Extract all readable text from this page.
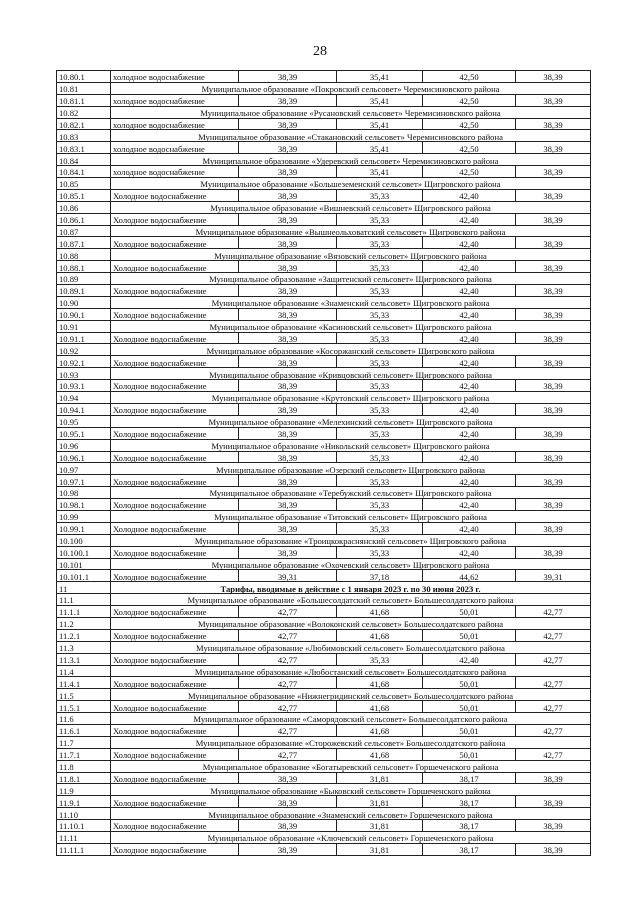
28
10.80.1	холодное водоснабжение	38,39	35,41	42,50	38,39
10.81	Муниципальное образование «Покровский сельсовет» Черемисиновского района				
10.81.1	холодное водоснабжение	38,39	35,41	42,50	38,39
10.82	Муниципальное образование «Русановский сельсовет» Черемисиновского района				
10.82.1	холодное водоснабжение	38,39	35,41	42,50	38,39
10.83	Муниципальное образование «Стакановский сельсовет» Черемисиновского района				
10.83.1	холодное водоснабжение	38,39	35,41	42,50	38,39
10.84	Муниципальное образование «Удеревский сельсовет» Черемисиновского района				
10.84.1	холодное водоснабжение	38,39	35,41	42,50	38,39
10.85	Муниципальное образование «Большеземенский сельсовет» Щигровского района				
10.85.1	Холодное водоснабжение	38,39	35,33	42,40	38,39
10.86	Муниципальное образование «Вишневский сельсовет» Щигровского района				
10.86.1	Холодное водоснабжение	38,39	35,33	42,40	38,39
10.87	Муниципальное образование «Вышнеольховатский сельсовет» Щигровского района				
10.87.1	Холодное водоснабжение	38,39	35,33	42,40	38,39
10.88	Муниципальное образование «Вязовский сельсовет» Щигровского района				
10.88.1	Холодное водоснабжение	38,39	35,33	42,40	38,39
10.89	Муниципальное образование «Защитенский сельсовет» Щигровского района				
10.89.1	Холодное водоснабжение	38,39	35,33	42,40	38,39
10.90	Муниципальное образование «Знаменский сельсовет» Щигровского района				
10.90.1	Холодное водоснабжение	38,39	35,33	42,40	38,39
10.91	Муниципальное образование «Касиновский сельсовет» Щигровского района				
10.91.1	Холодное водоснабжение	38,39	35,33	42,40	38,39
10.92	Муниципальное образование «Косоржанский сельсовет» Щигровского района				
10.92.1	Холодное водоснабжение	38,39	35,33	42,40	38,39
10.93	Муниципальное образование «Кривцовский сельсовет» Щигровского района				
10.93.1	Холодное водоснабжение	38,39	35,33	42,40	38,39
10.94	Муниципальное образование «Крутовский сельсовет» Щигровского района				
10.94.1	Холодное водоснабжение	38,39	35,33	42,40	38,39
10.95	Муниципальное образование «Мелехинский сельсовет» Щигровского района				
10.95.1	Холодное водоснабжение	38,39	35,33	42,40	38,39
10.96	Муниципальное образование «Никольский сельсовет» Щигровского района				
10.96.1	Холодное водоснабжение	38,39	35,33	42,40	38,39
10.97	Муниципальное образование «Озерский сельсовет» Щигровского района				
10.97.1	Холодное водоснабжение	38,39	35,33	42,40	38,39
10.98	Муниципальное образование «Теребужский сельсовет» Щигровского района				
10.98.1	Холодное водоснабжение	38,39	35,33	42,40	38,39
10.99	Муниципальное образование «Титовский сельсовет» Щигровского района				
10.99.1	Холодное водоснабжение	38,39	35,33	42,40	38,39
10.100	Муниципальное образование «Троицкокраснянский сельсовет» Щигровского района				
10.100.1	Холодное водоснабжение	38,39	35,33	42,40	38,39
10.101	Муниципальное образование «Охочевский сельсовет» Щигровского района				
10.101.1	Холодное водоснабжение	39,31	37,18	44,62	39,31
11	Тарифы, вводимые в действие с 1 января 2023 г. по 30 июня 2023 г.				
11.1	Муниципальное образование «Большесолдатский сельсовет» Большесолдатского района				
11.1.1	Холодное водоснабжение	42,77	41,68	50,01	42,77
11.2	Муниципальное образование «Волоконский сельсовет» Большесолдатского района				
11.2.1	Холодное водоснабжение	42,77	41,68	50,01	42,77
11.3	Муниципальное образование «Любимовский сельсовет» Большесолдатского района				
11.3.1	Холодное водоснабжение	42,77	35,33	42,40	42,77
11.4	Муниципальное образование «Любостанский сельсовет» Большесолдатского района				
11.4.1	Холодное водоснабжение	42,77	41,68	50,01	42,77
11.5	Муниципальное образование «Нижнегридинский сельсовет» Большесолдатского района				
11.5.1	Холодное водоснабжение	42,77	41,68	50,01	42,77
11.6	Муниципальное образование «Саморядовский сельсовет» Большесолдатского района				
11.6.1	Холодное водоснабжение	42,77	41,68	50,01	42,77
11.7	Муниципальное образование «Сторожевский сельсовет» Большесолдатского района				
11.7.1	Холодное водоснабжение	42,77	41,68	50,01	42,77
11.8	Муниципальное образование «Богатыревский сельсовет» Горшеченского района				
11.8.1	Холодное водоснабжение	38,39	31,81	38,17	38,39
11.9	Муниципальное образование «Быковский сельсовет» Горшеченского района				
11.9.1	Холодное водоснабжение	38,39	31,81	38,17	38,39
11.10	Муниципальное образование «Знаменский сельсовет» Горшеченского района				
11.10.1	Холодное водоснабжение	38,39	31,81	38,17	38,39
11.11	Муниципальное образование «Ключевский сельсовет» Горшеченского района				
11.11.1	Холодное водоснабжение	38,39	31,81	38,17	38,39
